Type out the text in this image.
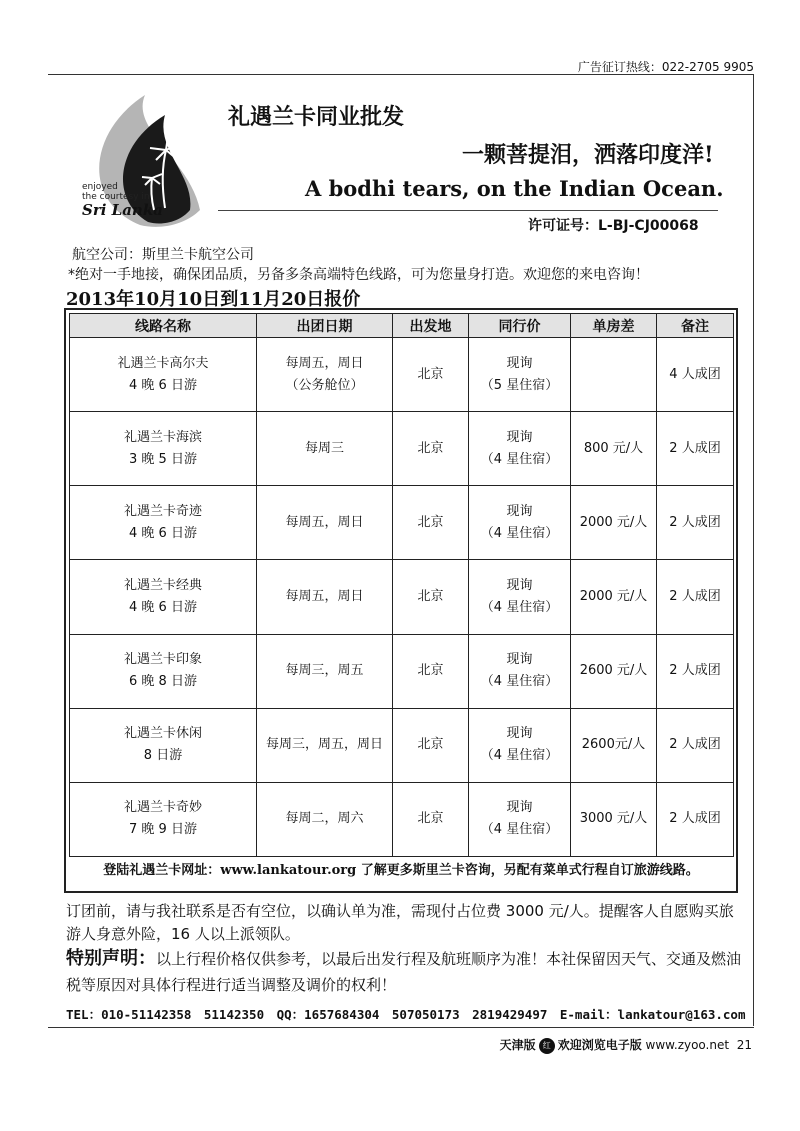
广告征订热线：022-2705 9905
enjoyed
the courtesy in
Sri Lanka
礼遇兰卡同业批发
一颗菩提泪，洒落印度洋!
A bodhi tears, on the Indian Ocean.
许可证号：L-BJ-CJ00068
航空公司：斯里兰卡航空公司
*绝对一手地接，确保团品质，另备多条高端特色线路，可为您量身打造。欢迎您的来电咨询！
2013年10月10日到11月20日报价
线路名称	出团日期	出发地	同行价	单房差	备注

礼遇兰卡高尔夫
4 晚 6 日游	每周五，周日
（公务舱位）	北京	现询
（5 星住宿）		4 人成团

礼遇兰卡海滨
3 晚 5 日游	每周三	北京	现询
（4 星住宿）	800 元/人	2 人成团

礼遇兰卡奇迹
4 晚 6 日游	每周五，周日	北京	现询
（4 星住宿）	2000 元/人	2 人成团

礼遇兰卡经典
4 晚 6 日游	每周五，周日	北京	现询
（4 星住宿）	2000 元/人	2 人成团

礼遇兰卡印象
6 晚 8 日游	每周三，周五	北京	现询
（4 星住宿）	2600 元/人	2 人成团

礼遇兰卡休闲
8 日游	每周三，周五，周日	北京	现询
（4 星住宿）	2600元/人	2 人成团

礼遇兰卡奇妙
7 晚 9 日游	每周二，周六	北京	现询
（4 星住宿）	3000 元/人	2 人成团
登陆礼遇兰卡网址：www.lankatour.org 了解更多斯里兰卡咨询，另配有菜单式行程自订旅游线路。
订团前，请与我社联系是否有空位，以确认单为准，需现付占位费 3000 元/人。提醒客人自愿购买旅游人身意外险，16 人以上派领队。
特别声明：以上行程价格仅供参考，以最后出发行程及航班顺序为准！本社保留因天气、交通及燃油税等原因对具体行程进行适当调整及调价的权利！
TEL：010-51142358　51142350　QQ：1657684304　507050173　2819429497　E-mail：lankatour@163.com
天津版 红 欢迎浏览电子版 www.zyoo.net 21
